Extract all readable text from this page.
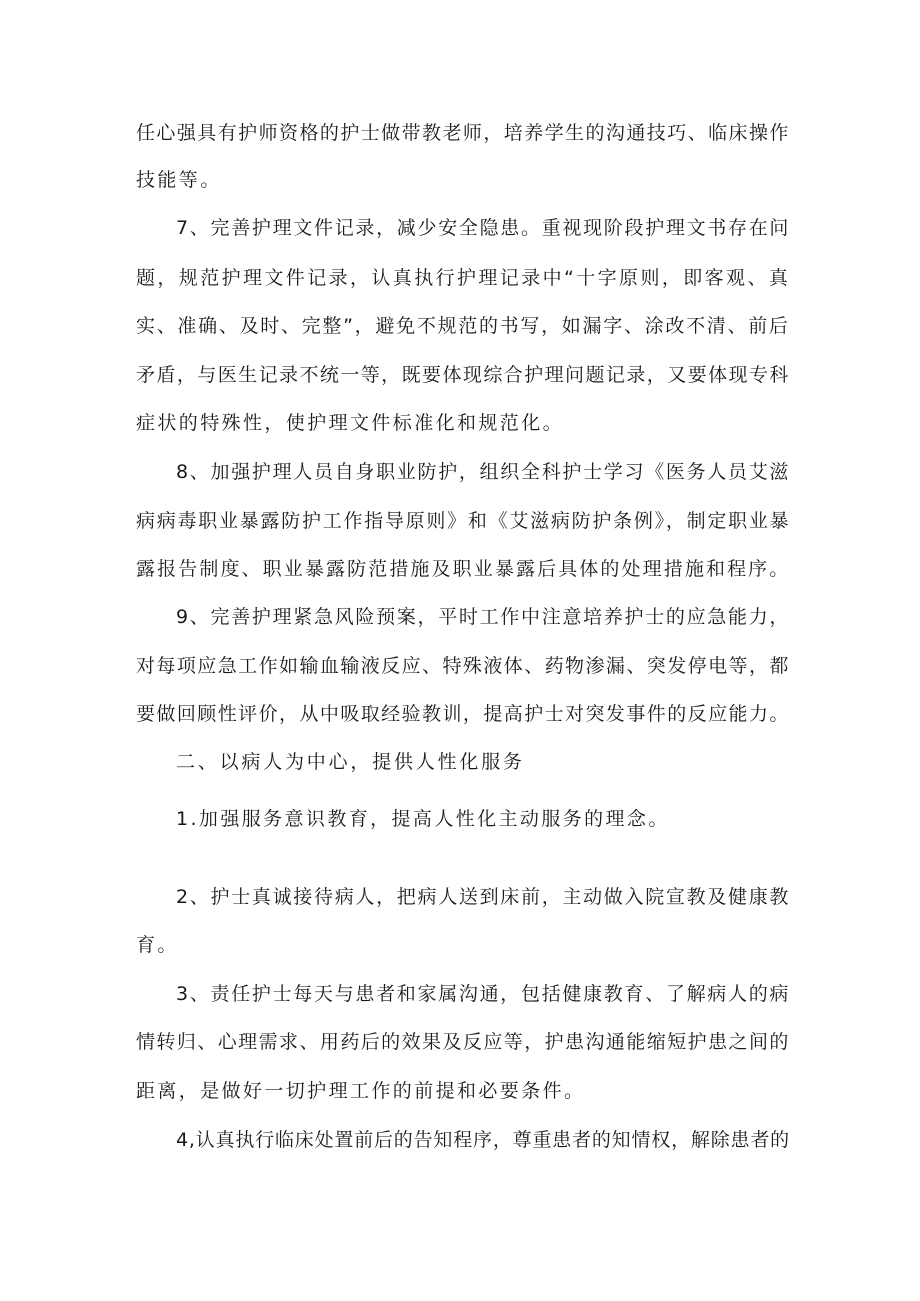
任心强具有护师资格的护士做带教老师，培养学生的沟通技巧、临床操作

技能等。

7、完善护理文件记录，减少安全隐患。重视现阶段护理文书存在问

题，规范护理文件记录，认真执行护理记录中“十字原则，即客观、真

实、准确、及时、完整”，避免不规范的书写，如漏字、涂改不清、前后

矛盾，与医生记录不统一等，既要体现综合护理问题记录，又要体现专科

症状的特殊性，使护理文件标准化和规范化。

8、加强护理人员自身职业防护，组织全科护士学习《医务人员艾滋

病病毒职业暴露防护工作指导原则》和《艾滋病防护条例》，制定职业暴

露报告制度、职业暴露防范措施及职业暴露后具体的处理措施和程序。

9、完善护理紧急风险预案，平时工作中注意培养护士的应急能力，

对每项应急工作如输血输液反应、特殊液体、药物渗漏、突发停电等，都

要做回顾性评价，从中吸取经验教训，提高护士对突发事件的反应能力。

二、以病人为中心，提供人性化服务

1.加强服务意识教育，提高人性化主动服务的理念。

2、护士真诚接待病人，把病人送到床前，主动做入院宣教及健康教

育。

3、责任护士每天与患者和家属沟通，包括健康教育、了解病人的病

情转归、心理需求、用药后的效果及反应等，护患沟通能缩短护患之间的

距离，是做好一切护理工作的前提和必要条件。

4,认真执行临床处置前后的告知程序，尊重患者的知情权，解除患者的
